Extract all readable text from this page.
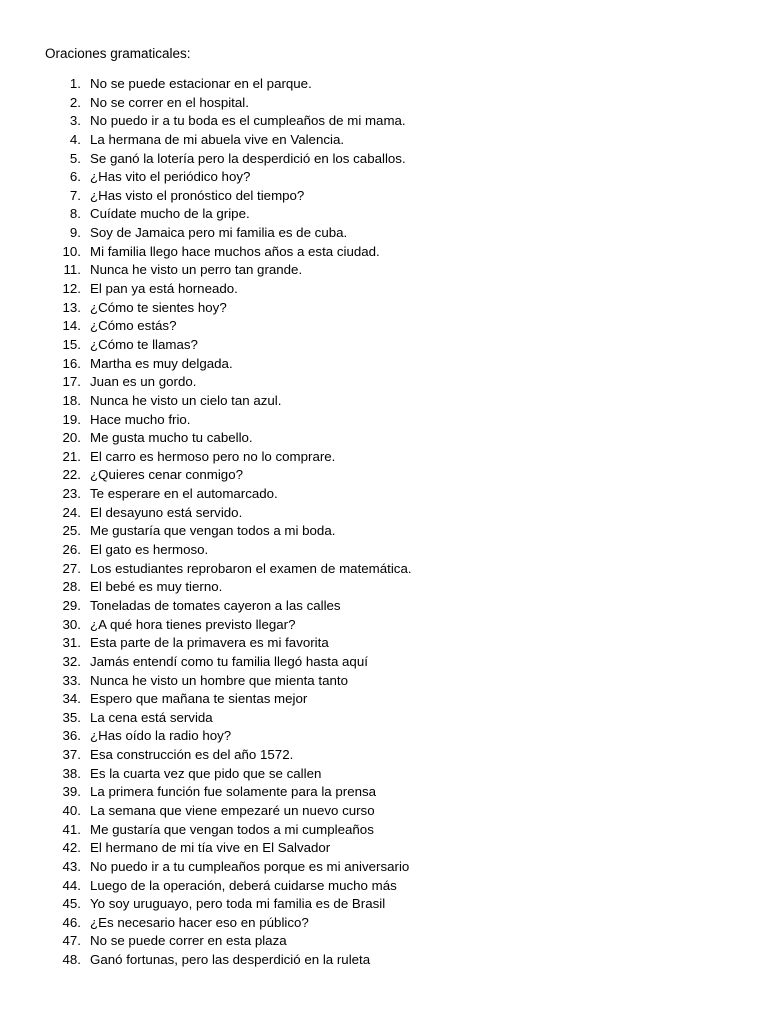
Oraciones gramaticales:
1. No se puede estacionar en el parque.
2. No se correr en el hospital.
3. No puedo ir a tu boda es el cumpleaños de mi mama.
4. La hermana de mi abuela vive en Valencia.
5. Se ganó la lotería pero la desperdició en los caballos.
6. ¿Has vito el periódico hoy?
7. ¿Has visto el pronóstico del tiempo?
8. Cuídate mucho de la gripe.
9. Soy de Jamaica pero mi familia es de cuba.
10. Mi familia llego hace muchos años a esta ciudad.
11. Nunca he visto un perro tan grande.
12. El pan ya está horneado.
13. ¿Cómo te sientes hoy?
14. ¿Cómo estás?
15. ¿Cómo te llamas?
16. Martha es muy delgada.
17. Juan es un gordo.
18. Nunca he visto un cielo tan azul.
19. Hace mucho frio.
20. Me gusta mucho tu cabello.
21. El carro es hermoso pero no lo comprare.
22. ¿Quieres cenar conmigo?
23. Te esperare en el automarcado.
24. El desayuno está servido.
25. Me gustaría que vengan todos a mi boda.
26. El gato es hermoso.
27. Los estudiantes reprobaron el examen de matemática.
28. El bebé es muy tierno.
29. Toneladas de tomates cayeron a las calles
30. ¿A qué hora tienes previsto llegar?
31. Esta parte de la primavera es mi favorita
32. Jamás entendí como tu familia llegó hasta aquí
33. Nunca he visto un hombre que mienta tanto
34. Espero que mañana te sientas mejor
35. La cena está servida
36. ¿Has oído la radio hoy?
37. Esa construcción es del año 1572.
38. Es la cuarta vez que pido que se callen
39. La primera función fue solamente para la prensa
40. La semana que viene empezaré un nuevo curso
41. Me gustaría que vengan todos a mi cumpleaños
42. El hermano de mi tía vive en El Salvador
43. No puedo ir a tu cumpleaños porque es mi aniversario
44. Luego de la operación, deberá cuidarse mucho más
45. Yo soy uruguayo, pero toda mi familia es de Brasil
46. ¿Es necesario hacer eso en público?
47. No se puede correr en esta plaza
48. Ganó fortunas, pero las desperdició en la ruleta
